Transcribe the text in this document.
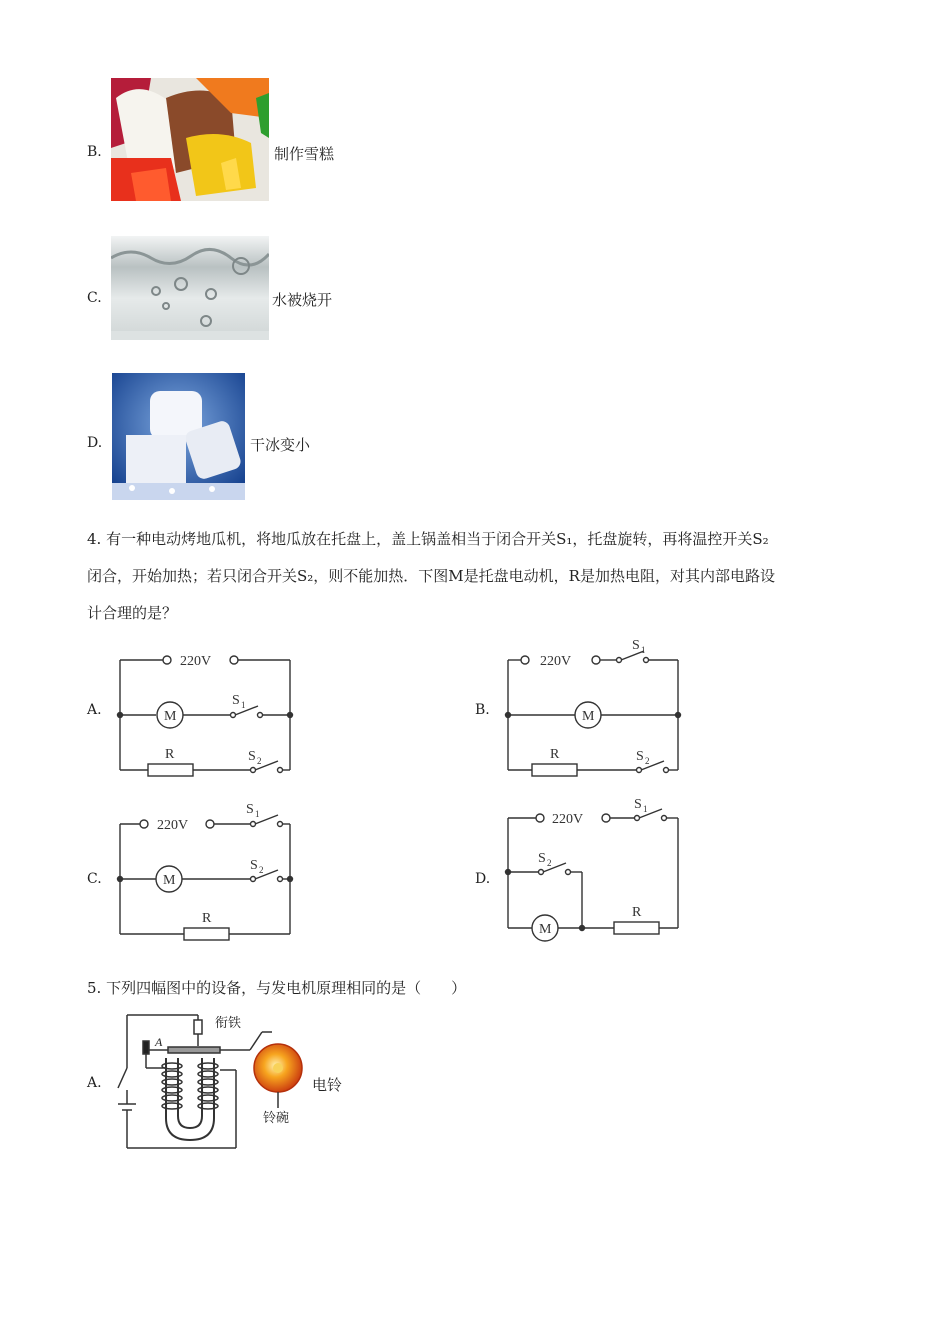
B.	制作雪糕
C.	水被烧开
D.	干冰变小
4. 有一种电动烤地瓜机，将地瓜放在托盘上，盖上锅盖相当于闭合开关S₁，托盘旋转，再将温控开关S₂
闭合，开始加热；若只闭合开关S₂，则不能加热．下图M是托盘电动机，R是加热电阻，对其内部电路设
计合理的是？
A.	B.
C.	D.
220V
M
S 1
R	S 2
220V
S 1
M
R	S 2
220V
S 1
M
S 2
R
220V
S 1
S 2
M
R
5. 下列四幅图中的设备，与发电机原理相同的是（　　）
A.
A
衔铁
铃碗
电铃
